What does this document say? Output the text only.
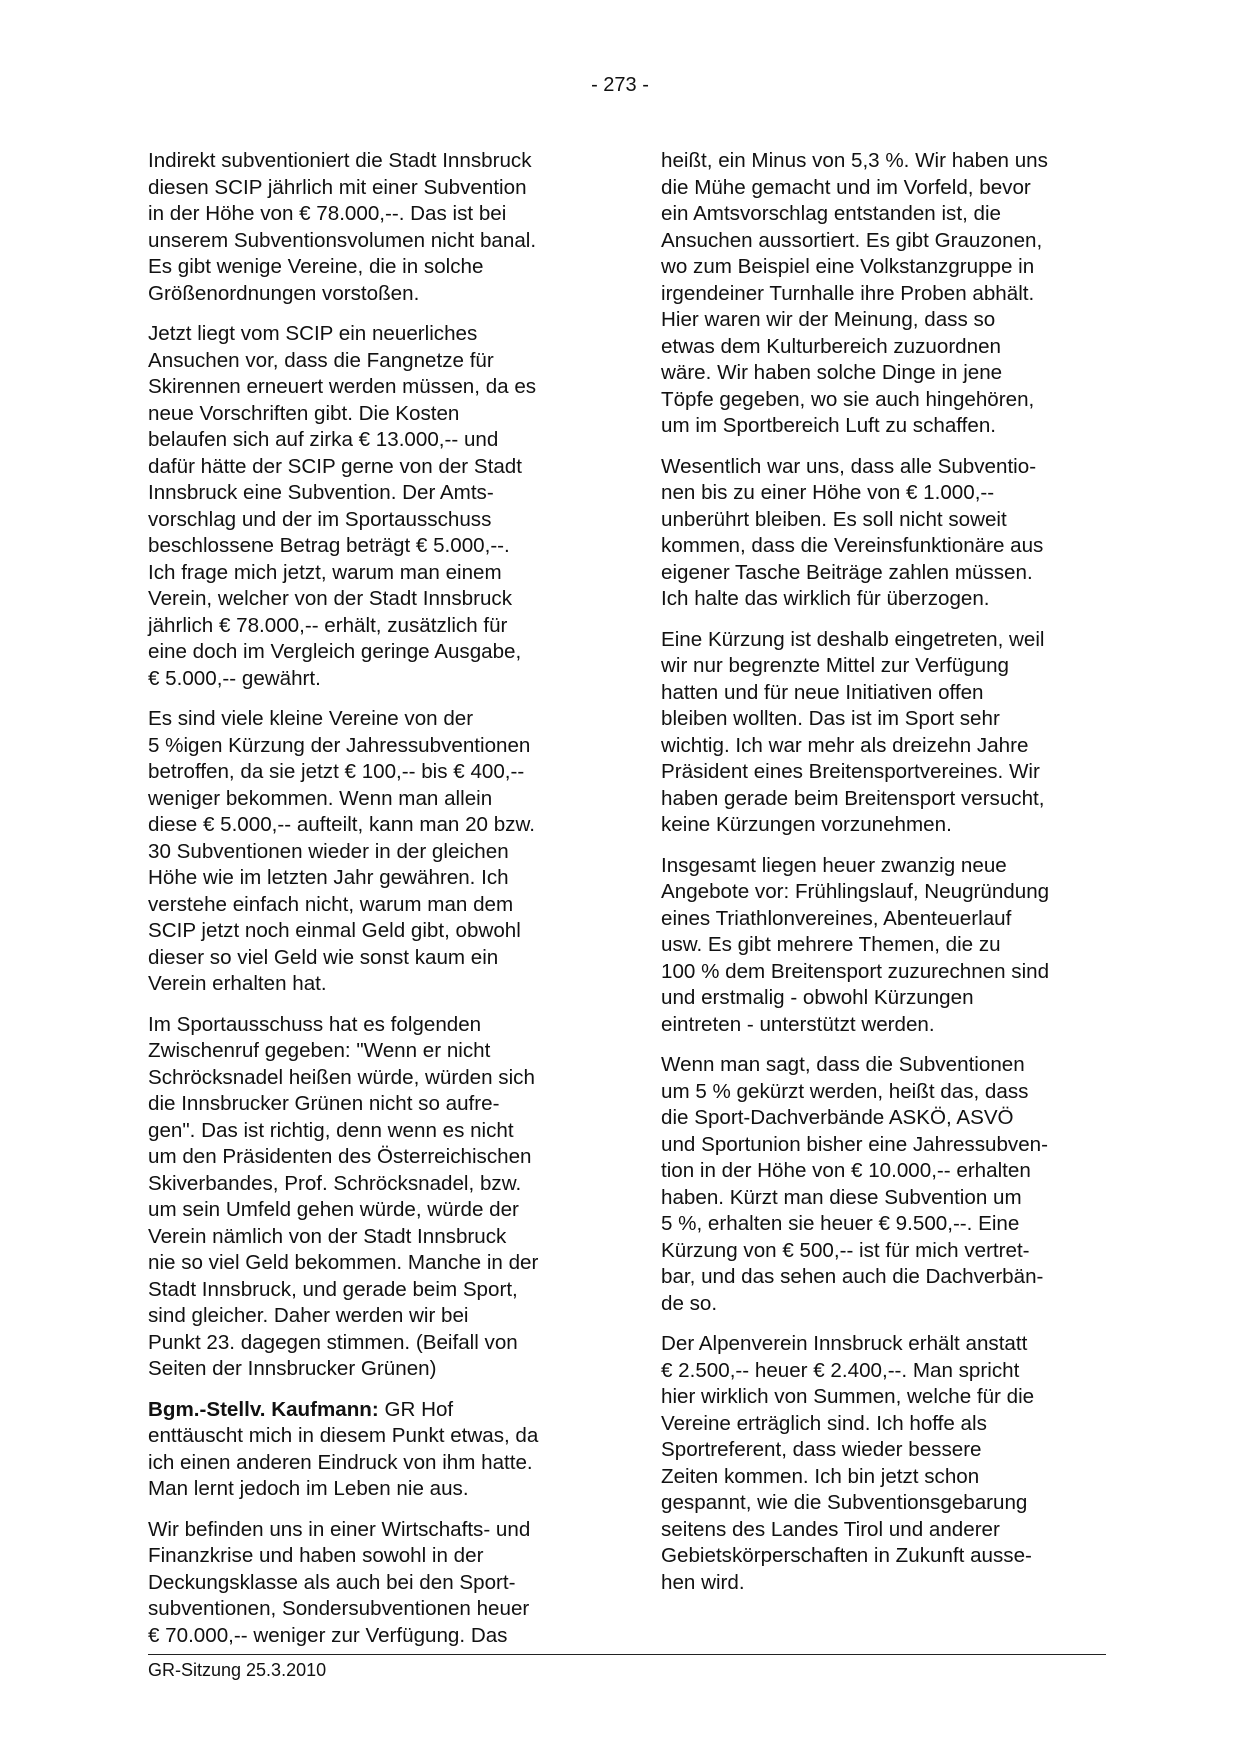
- 273 -

Indirekt subventioniert die Stadt Innsbruck
diesen SCIP jährlich mit einer Subvention
in der Höhe von € 78.000,--. Das ist bei
unserem Subventionsvolumen nicht banal.
Es gibt wenige Vereine, die in solche
Größenordnungen vorstoßen.

Jetzt liegt vom SCIP ein neuerliches
Ansuchen vor, dass die Fangnetze für
Skirennen erneuert werden müssen, da es
neue Vorschriften gibt. Die Kosten
belaufen sich auf zirka € 13.000,-- und
dafür hätte der SCIP gerne von der Stadt
Innsbruck eine Subvention. Der Amts-
vorschlag und der im Sportausschuss
beschlossene Betrag beträgt € 5.000,--.
Ich frage mich jetzt, warum man einem
Verein, welcher von der Stadt Innsbruck
jährlich € 78.000,-- erhält, zusätzlich für
eine doch im Vergleich geringe Ausgabe,
€ 5.000,-- gewährt.

Es sind viele kleine Vereine von der
5 %igen Kürzung der Jahressubventionen
betroffen, da sie jetzt € 100,-- bis € 400,--
weniger bekommen. Wenn man allein
diese € 5.000,-- aufteilt, kann man 20 bzw.
30 Subventionen wieder in der gleichen
Höhe wie im letzten Jahr gewähren. Ich
verstehe einfach nicht, warum man dem
SCIP jetzt noch einmal Geld gibt, obwohl
dieser so viel Geld wie sonst kaum ein
Verein erhalten hat.

Im Sportausschuss hat es folgenden
Zwischenruf gegeben: "Wenn er nicht
Schröcksnadel heißen würde, würden sich
die Innsbrucker Grünen nicht so aufre-
gen". Das ist richtig, denn wenn es nicht
um den Präsidenten des Österreichischen
Skiverbandes, Prof. Schröcksnadel, bzw.
um sein Umfeld gehen würde, würde der
Verein nämlich von der Stadt Innsbruck
nie so viel Geld bekommen. Manche in der
Stadt Innsbruck, und gerade beim Sport,
sind gleicher. Daher werden wir bei
Punkt 23. dagegen stimmen. (Beifall von
Seiten der Innsbrucker Grünen)

Bgm.-Stellv. Kaufmann: GR Hof
enttäuscht mich in diesem Punkt etwas, da
ich einen anderen Eindruck von ihm hatte.
Man lernt jedoch im Leben nie aus.

Wir befinden uns in einer Wirtschafts- und
Finanzkrise und haben sowohl in der
Deckungsklasse als auch bei den Sport-
subventionen, Sondersubventionen heuer
€ 70.000,-- weniger zur Verfügung. Das

heißt, ein Minus von 5,3 %. Wir haben uns
die Mühe gemacht und im Vorfeld, bevor
ein Amtsvorschlag entstanden ist, die
Ansuchen aussortiert. Es gibt Grauzonen,
wo zum Beispiel eine Volkstanzgruppe in
irgendeiner Turnhalle ihre Proben abhält.
Hier waren wir der Meinung, dass so
etwas dem Kulturbereich zuzuordnen
wäre. Wir haben solche Dinge in jene
Töpfe gegeben, wo sie auch hingehören,
um im Sportbereich Luft zu schaffen.

Wesentlich war uns, dass alle Subventio-
nen bis zu einer Höhe von € 1.000,--
unberührt bleiben. Es soll nicht soweit
kommen, dass die Vereinsfunktionäre aus
eigener Tasche Beiträge zahlen müssen.
Ich halte das wirklich für überzogen.

Eine Kürzung ist deshalb eingetreten, weil
wir nur begrenzte Mittel zur Verfügung
hatten und für neue Initiativen offen
bleiben wollten. Das ist im Sport sehr
wichtig. Ich war mehr als dreizehn Jahre
Präsident eines Breitensportvereines. Wir
haben gerade beim Breitensport versucht,
keine Kürzungen vorzunehmen.

Insgesamt liegen heuer zwanzig neue
Angebote vor: Frühlingslauf, Neugründung
eines Triathlonvereines, Abenteuerlauf
usw. Es gibt mehrere Themen, die zu
100 % dem Breitensport zuzurechnen sind
und erstmalig - obwohl Kürzungen
eintreten - unterstützt werden.

Wenn man sagt, dass die Subventionen
um 5 % gekürzt werden, heißt das, dass
die Sport-Dachverbände ASKÖ, ASVÖ
und Sportunion bisher eine Jahressubven-
tion in der Höhe von € 10.000,-- erhalten
haben. Kürzt man diese Subvention um
5 %, erhalten sie heuer € 9.500,--. Eine
Kürzung von € 500,-- ist für mich vertret-
bar, und das sehen auch die Dachverbän-
de so.

Der Alpenverein Innsbruck erhält anstatt
€ 2.500,-- heuer € 2.400,--. Man spricht
hier wirklich von Summen, welche für die
Vereine erträglich sind. Ich hoffe als
Sportreferent, dass wieder bessere
Zeiten kommen. Ich bin jetzt schon
gespannt, wie die Subventionsgebarung
seitens des Landes Tirol und anderer
Gebietskörperschaften in Zukunft ausse-
hen wird.

GR-Sitzung 25.3.2010
